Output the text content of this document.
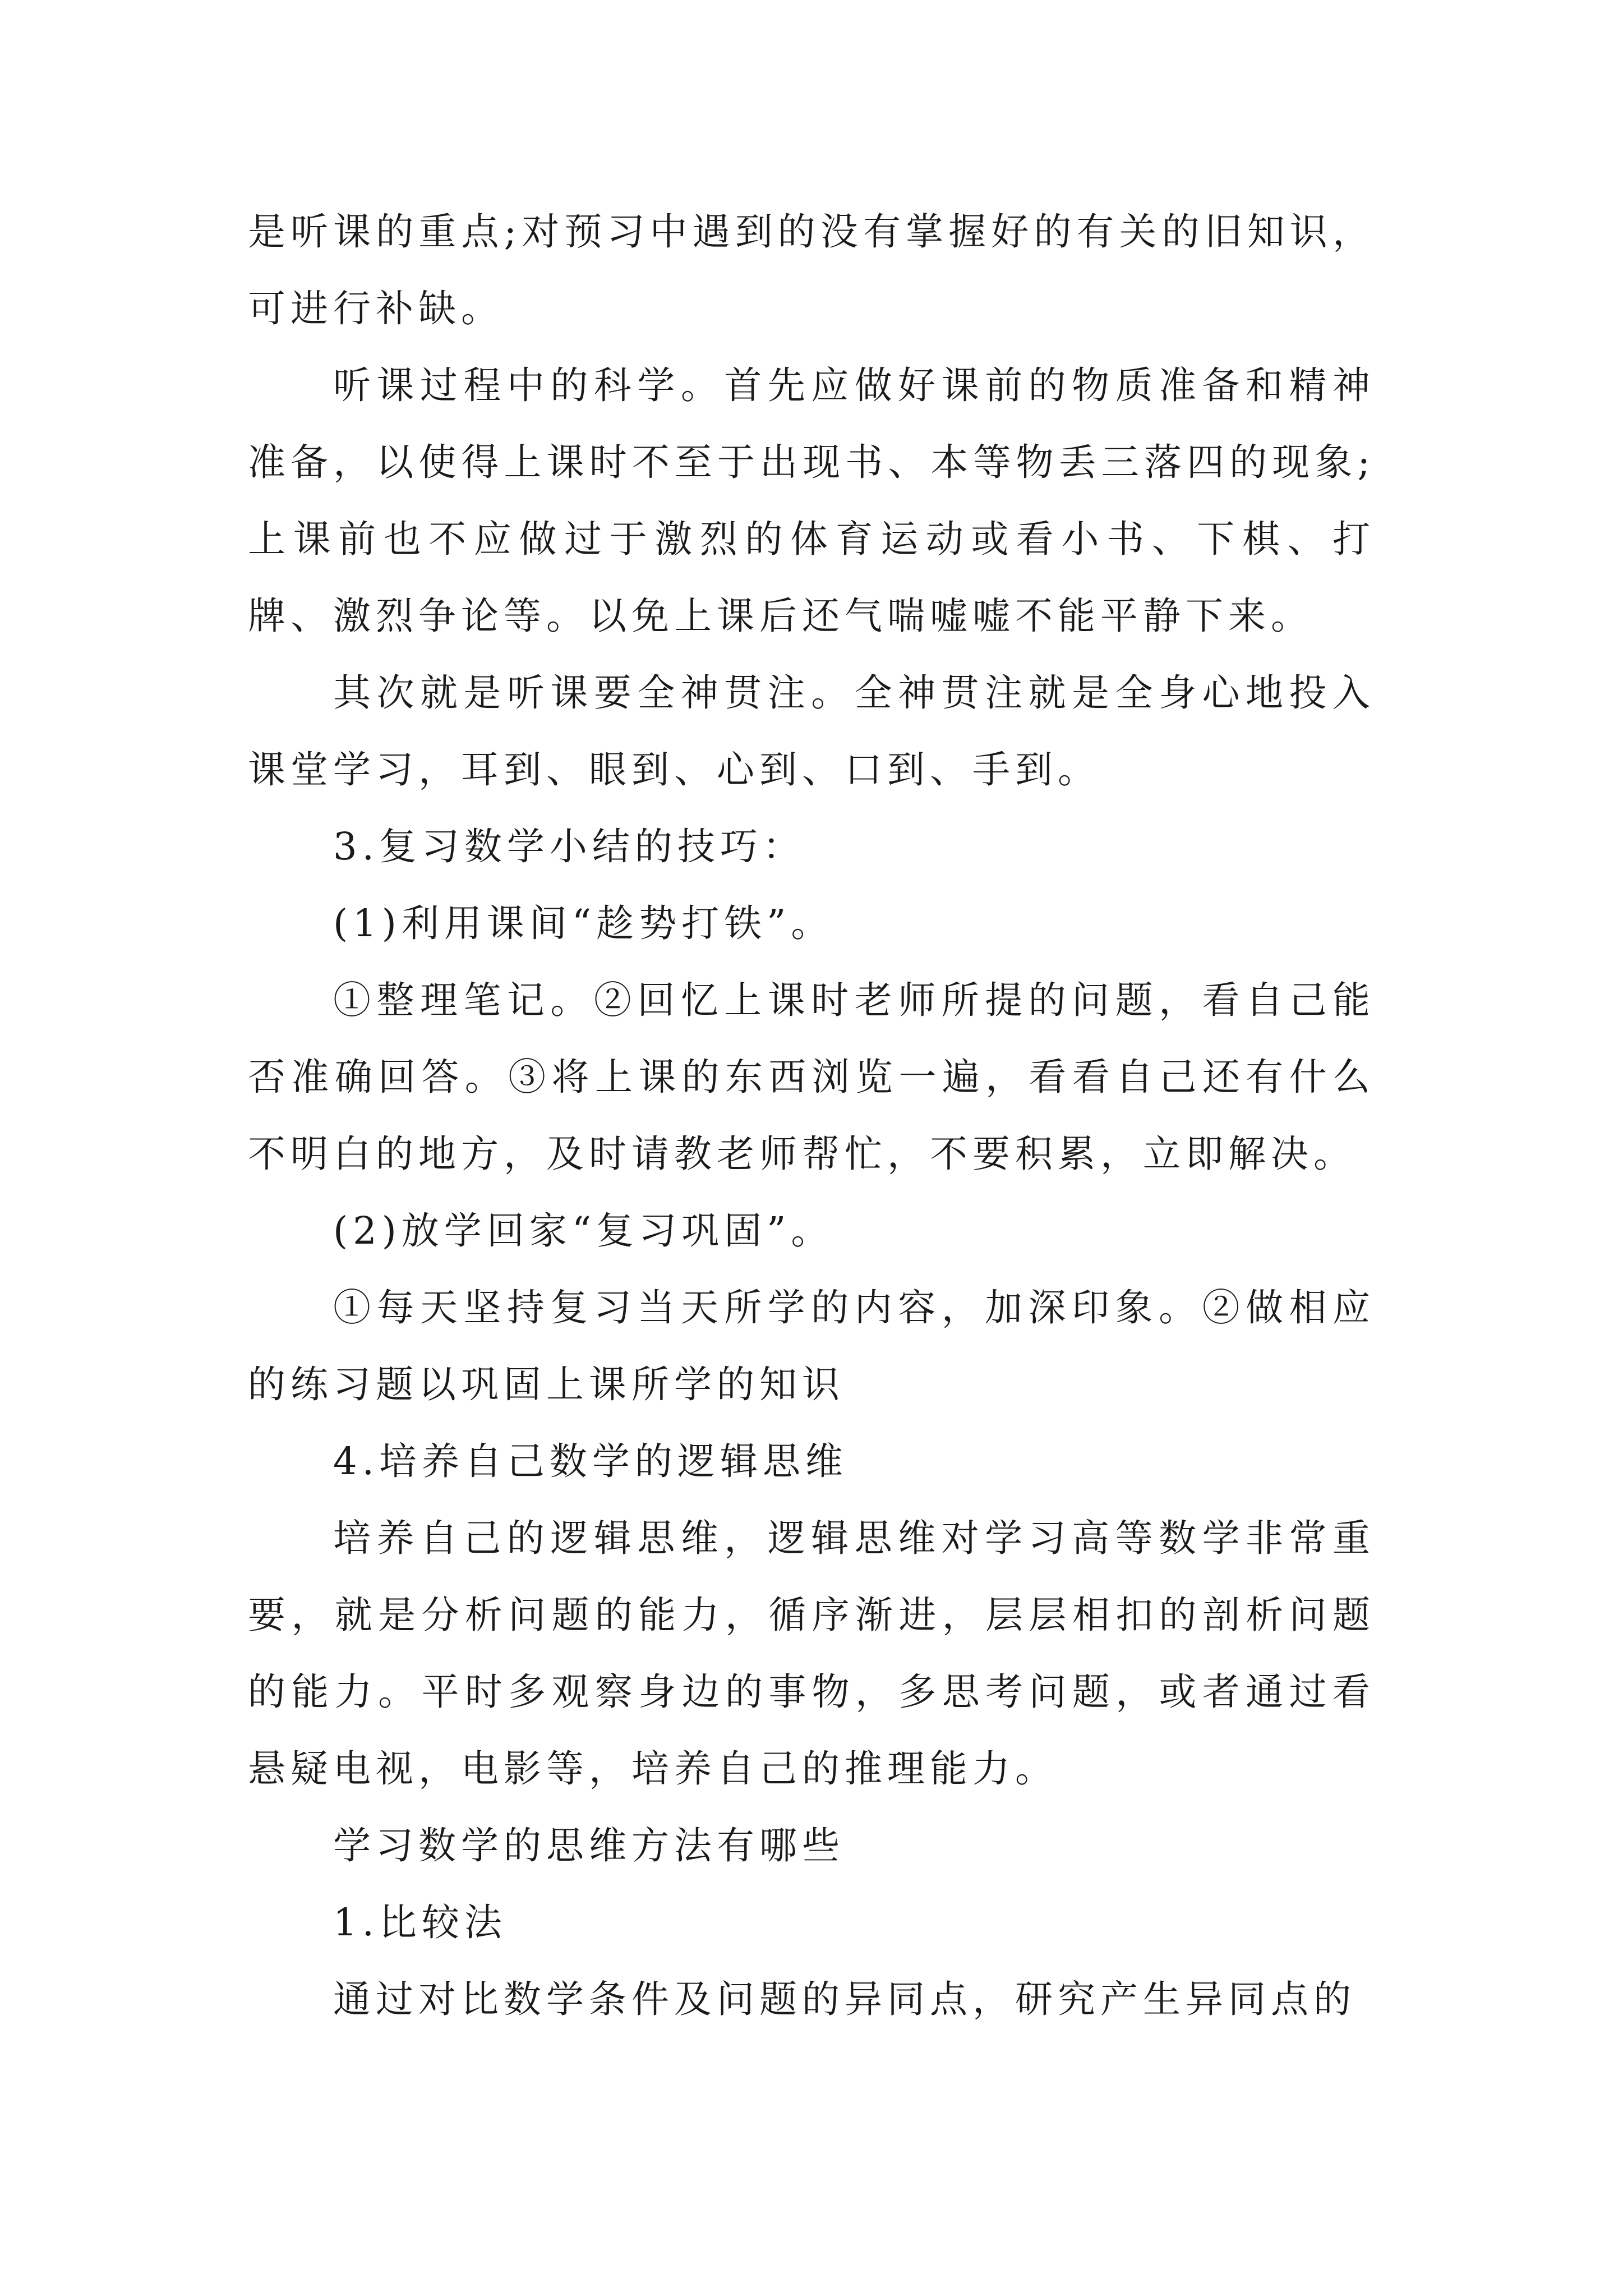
是听课的重点;对预习中遇到的没有掌握好的有关的旧知识，可进行补缺。

听课过程中的科学。首先应做好课前的物质准备和精神准备，以使得上课时不至于出现书、本等物丢三落四的现象;上课前也不应做过于激烈的体育运动或看小书、下棋、打牌、激烈争论等。以免上课后还气喘嘘嘘不能平静下来。

其次就是听课要全神贯注。全神贯注就是全身心地投入课堂学习，耳到、眼到、心到、口到、手到。

3.复习数学小结的技巧：

(1)利用课间“趁势打铁”。

①整理笔记。②回忆上课时老师所提的问题，看自己能否准确回答。③将上课的东西浏览一遍，看看自己还有什么不明白的地方，及时请教老师帮忙，不要积累，立即解决。

(2)放学回家“复习巩固”。

①每天坚持复习当天所学的内容，加深印象。②做相应的练习题以巩固上课所学的知识

4.培养自己数学的逻辑思维

培养自己的逻辑思维，逻辑思维对学习高等数学非常重要，就是分析问题的能力，循序渐进，层层相扣的剖析问题的能力。平时多观察身边的事物，多思考问题，或者通过看悬疑电视，电影等，培养自己的推理能力。

学习数学的思维方法有哪些

1.比较法

通过对比数学条件及问题的异同点，研究产生异同点的
